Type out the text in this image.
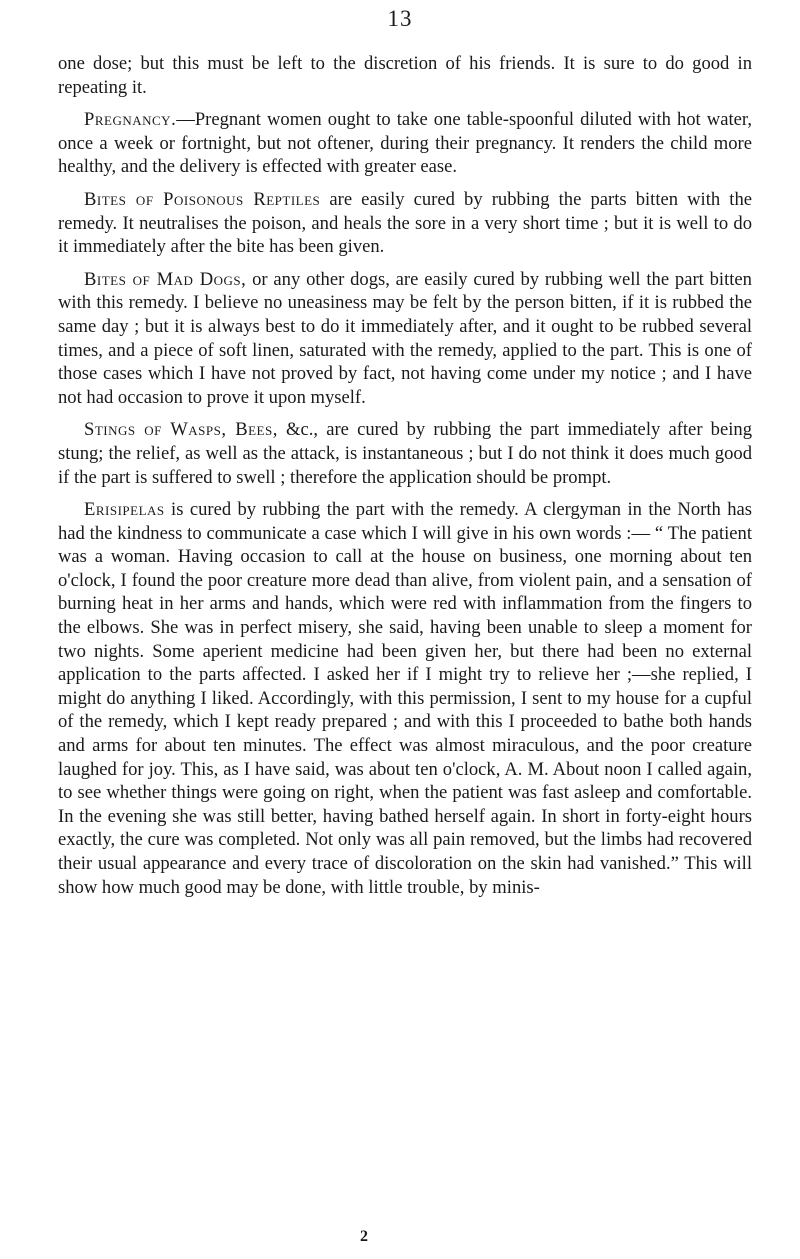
13

one dose; but this must be left to the discretion of his friends. It is sure to do good in repeating it.

Pregnancy.—Pregnant women ought to take one table-spoonful diluted with hot water, once a week or fortnight, but not oftener, during their pregnancy. It renders the child more healthy, and the delivery is effected with greater ease.

Bites of Poisonous Reptiles are easily cured by rubbing the parts bitten with the remedy. It neutralises the poison, and heals the sore in a very short time ; but it is well to do it immediately after the bite has been given.

Bites of Mad Dogs, or any other dogs, are easily cured by rubbing well the part bitten with this remedy. I believe no uneasiness may be felt by the person bitten, if it is rubbed the same day ; but it is always best to do it immediately after, and it ought to be rubbed several times, and a piece of soft linen, saturated with the remedy, applied to the part. This is one of those cases which I have not proved by fact, not having come under my notice ; and I have not had occasion to prove it upon myself.

Stings of Wasps, Bees, &c., are cured by rubbing the part immediately after being stung; the relief, as well as the attack, is instantaneous ; but I do not think it does much good if the part is suffered to swell ; therefore the application should be prompt.

Erisipelas is cured by rubbing the part with the remedy. A clergyman in the North has had the kindness to communicate a case which I will give in his own words :— “ The patient was a woman. Having occasion to call at the house on business, one morning about ten o'clock, I found the poor creature more dead than alive, from violent pain, and a sensation of burning heat in her arms and hands, which were red with inflammation from the fingers to the elbows. She was in perfect misery, she said, having been unable to sleep a moment for two nights. Some aperient medicine had been given her, but there had been no external application to the parts affected. I asked her if I might try to relieve her ;—she replied, I might do anything I liked. Accordingly, with this permission, I sent to my house for a cupful of the remedy, which I kept ready prepared ; and with this I proceeded to bathe both hands and arms for about ten minutes. The effect was almost miraculous, and the poor creature laughed for joy. This, as I have said, was about ten o'clock, A. M. About noon I called again, to see whether things were going on right, when the patient was fast asleep and comfortable. In the evening she was still better, having bathed herself again. In short in forty-eight hours exactly, the cure was completed. Not only was all pain removed, but the limbs had recovered their usual appearance and every trace of discoloration on the skin had vanished.” This will show how much good may be done, with little trouble, by minis-

2
